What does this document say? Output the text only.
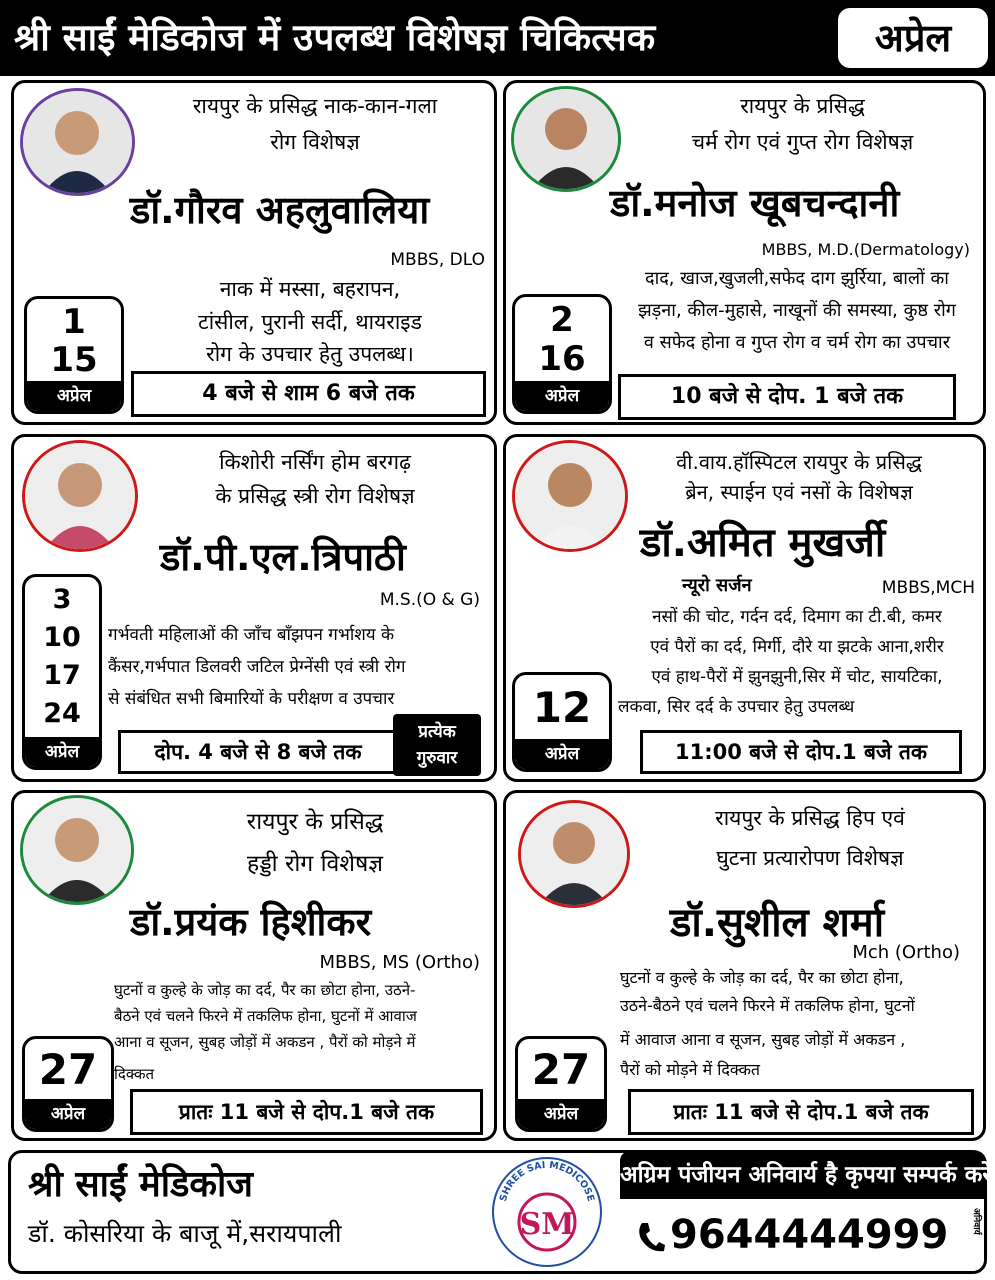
श्री साईं मेडिकोज में उपलब्ध विशेषज्ञ चिकित्सक	अप्रेल
रायपुर के प्रसिद्ध नाक-कान-गला
रोग विशेषज्ञ
डॉ.गौरव अहलुवालिया
MBBS, DLO
नाक में मस्सा, बहरापन,
टांसील, पुरानी सर्दी, थायराइड
रोग के उपचार हेतु उपलब्ध।
1
15
अप्रेल	4 बजे से शाम 6 बजे तक
रायपुर के प्रसिद्ध
चर्म रोग एवं गुप्त रोग विशेषज्ञ
डॉ.मनोज खूबचन्दानी
MBBS, M.D.(Dermatology)
दाद, खाज,खुजली,सफेद दाग झुर्रिया, बालों का
झड़ना, कील-मुहासे, नाखूनों की समस्या, कुष्ठ रोग
व सफेद होना व गुप्त रोग व चर्म रोग का उपचार
2
16
अप्रेल	10 बजे से दोप. 1 बजे तक
किशोरी नर्सिंग होम बरगढ़
के प्रसिद्ध स्त्री रोग विशेषज्ञ
डॉ.पी.एल.त्रिपाठी
M.S.(O & G)
गर्भवती महिलाओं की जाँच बाँझपन गर्भाशय के
कैंसर,गर्भपात डिलवरी जटिल प्रेग्नेंसी एवं स्त्री रोग
से संबंधित सभी बिमारियों के परीक्षण व उपचार
3
10
17
24
अप्रेल	दोप. 4 बजे से 8 बजे तक
प्रत्येक
गुरुवार
वी.वाय.हॉस्पिटल रायपुर के प्रसिद्ध
ब्रेन, स्पाईन एवं नसों के विशेषज्ञ
डॉ.अमित मुखर्जी
न्यूरो सर्जन	MBBS,MCH
नसों की चोट, गर्दन दर्द, दिमाग का टी.बी, कमर
एवं पैरों का दर्द, मिर्गी, दौरे या झटके आना,शरीर
एवं हाथ-पैरों में झुनझुनी,सिर में चोट, सायटिका,
लकवा, सिर दर्द के उपचार हेतु उपलब्ध
12
अप्रेल	11:00 बजे से दोप.1 बजे तक
रायपुर के प्रसिद्ध
हड्डी रोग विशेषज्ञ
डॉ.प्रयंक हिशीकर
MBBS, MS (Ortho)
घुटनों व कुल्हे के जोड़ का दर्द, पैर का छोटा होना, उठने-
बैठने एवं चलने फिरने में तकलिफ होना, घुटनों में आवाज
आना व सूजन, सुबह जोड़ों में अकडन , पैरों को मोड़ने में
दिक्कत
27
अप्रेल	प्रातः 11 बजे से दोप.1 बजे तक
रायपुर के प्रसिद्ध हिप एवं
घुटना प्रत्यारोपण विशेषज्ञ
डॉ.सुशील शर्मा
Mch (Ortho)
घुटनों व कुल्हे के जोड़ का दर्द, पैर का छोटा होना,
उठने-बैठने एवं चलने फिरने में तकलिफ होना, घुटनों
में आवाज आना व सूजन, सुबह जोड़ों में अकडन ,
पैरों को मोड़ने में दिक्कत
27
अप्रेल	प्रातः 11 बजे से दोप.1 बजे तक
श्री साईं मेडिकोज
डॉ. कोसरिया के बाजू में,सरायपाली
SHREE SAI MEDICOSE
SM
अग्रिम पंजीयन अनिवार्य है कृपया सम्पर्क करें
9644444999	अनिवार्य
